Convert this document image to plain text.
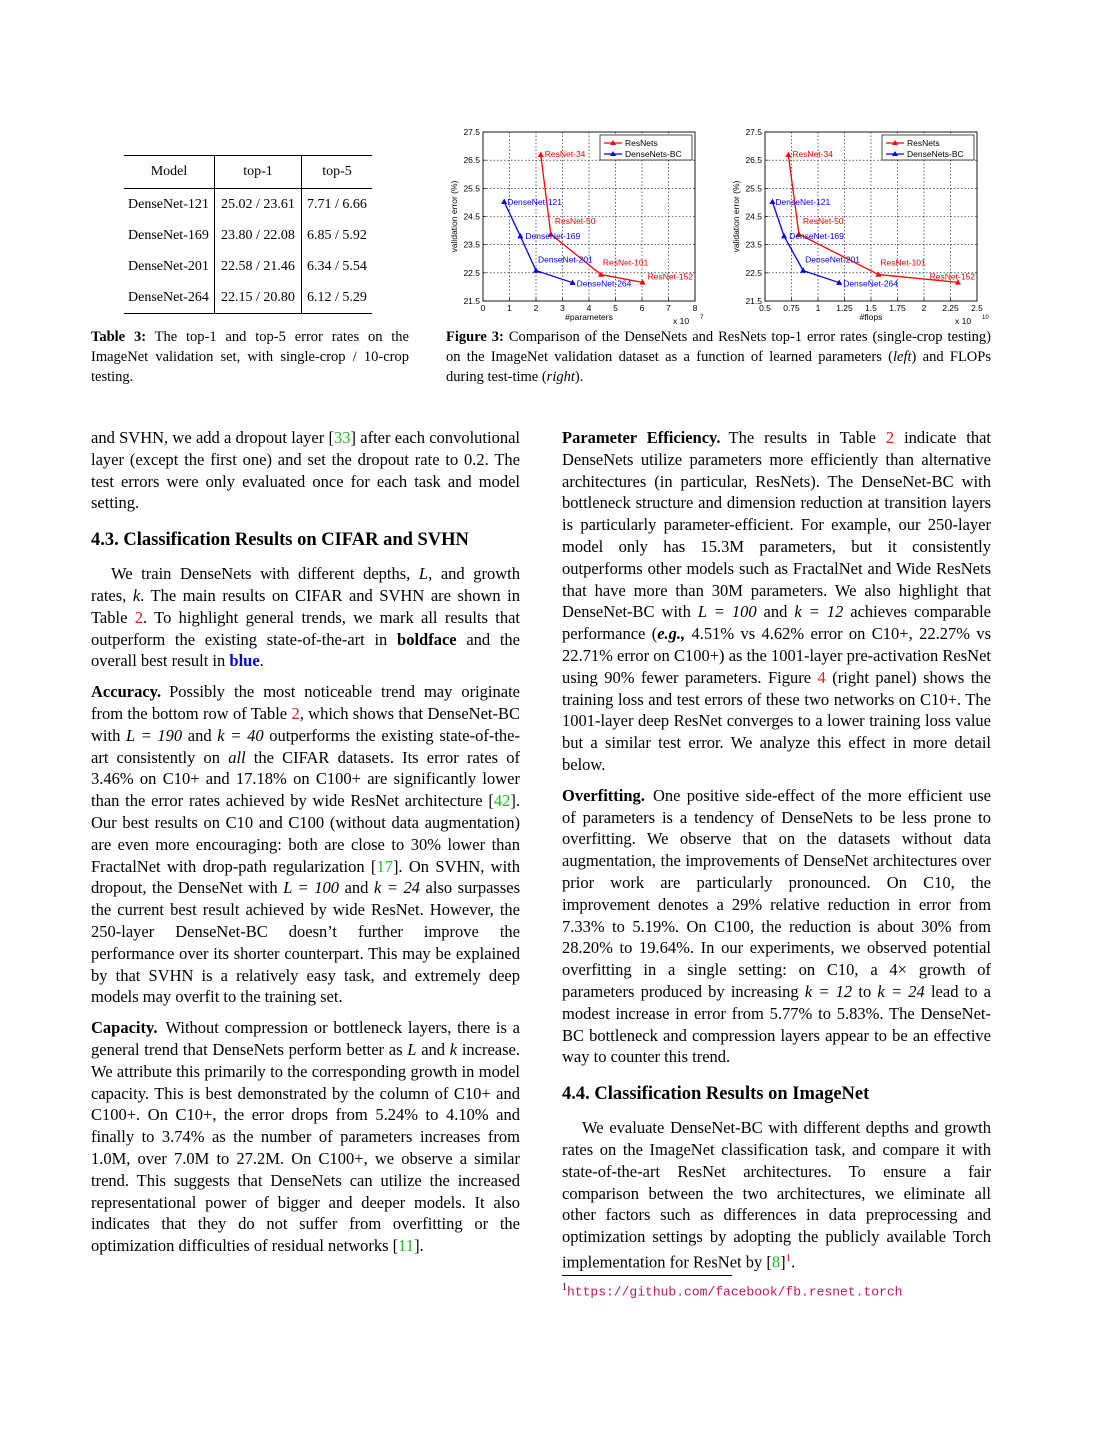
Model	top-1	top-5
DenseNet-121	25.02 / 23.61	7.71 / 6.66
DenseNet-169	23.80 / 22.08	6.85 / 5.92
DenseNet-201	22.58 / 21.46	6.34 / 5.54
DenseNet-264	22.15 / 20.80	6.12 / 5.29
Table 3: The top-1 and top-5 error rates on the ImageNet validation set, with single-crop / 10-crop testing.
0	1	2	3	4	5	6	7	8
21.5
22.5
23.5
24.5
25.5
26.5
27.5
#parameters
validation error (%)
x 10 7
ResNet-34
ResNet-50
ResNet-101
ResNet-152
DenseNet-121
DenseNet-169
DenseNet-201
DenseNet-264
ResNets
DenseNets-BC
0.5 0.75 1 1.25 1.5 1.75 2 2.25 2.5
21.5
22.5
23.5
24.5
25.5
26.5
27.5
#flops
validation error (%)
x 10 10
ResNet-34
ResNet-50
ResNet-101
ResNet-152
DenseNet-121
DenseNet-169
DenseNet-201
DenseNet-264
ResNets
DenseNets-BC
Figure 3: Comparison of the DenseNets and ResNets top-1 error rates (single-crop testing) on the ImageNet validation dataset as a function of learned parameters (left) and FLOPs during test-time (right).

and SVHN, we add a dropout layer [33] after each convolutional layer (except the first one) and set the dropout rate to 0.2. The test errors were only evaluated once for each task and model setting.

4.3. Classification Results on CIFAR and SVHN

We train DenseNets with different depths, L, and growth rates, k. The main results on CIFAR and SVHN are shown in Table 2. To highlight general trends, we mark all results that outperform the existing state-of-the-art in boldface and the overall best result in blue.

Accuracy. Possibly the most noticeable trend may originate from the bottom row of Table 2, which shows that DenseNet-BC with L = 190 and k = 40 outperforms the existing state-of-the-art consistently on all the CIFAR datasets. Its error rates of 3.46% on C10+ and 17.18% on C100+ are significantly lower than the error rates achieved by wide ResNet architecture [42]. Our best results on C10 and C100 (without data augmentation) are even more encouraging: both are close to 30% lower than FractalNet with drop-path regularization [17]. On SVHN, with dropout, the DenseNet with L = 100 and k = 24 also surpasses the current best result achieved by wide ResNet. However, the 250-layer DenseNet-BC doesn’t further improve the performance over its shorter counterpart. This may be explained by that SVHN is a relatively easy task, and extremely deep models may overfit to the training set.

Capacity. Without compression or bottleneck layers, there is a general trend that DenseNets perform better as L and k increase. We attribute this primarily to the corresponding growth in model capacity. This is best demonstrated by the column of C10+ and C100+. On C10+, the error drops from 5.24% to 4.10% and finally to 3.74% as the number of parameters increases from 1.0M, over 7.0M to 27.2M. On C100+, we observe a similar trend. This suggests that DenseNets can utilize the increased representational power of bigger and deeper models. It also indicates that they do not suffer from overfitting or the optimization difficulties of residual networks [11].

Parameter Efficiency. The results in Table 2 indicate that DenseNets utilize parameters more efficiently than alternative architectures (in particular, ResNets). The DenseNet-BC with bottleneck structure and dimension reduction at transition layers is particularly parameter-efficient. For example, our 250-layer model only has 15.3M parameters, but it consistently outperforms other models such as FractalNet and Wide ResNets that have more than 30M parameters. We also highlight that DenseNet-BC with L = 100 and k = 12 achieves comparable performance (e.g., 4.51% vs 4.62% error on C10+, 22.27% vs 22.71% error on C100+) as the 1001-layer pre-activation ResNet using 90% fewer parameters. Figure 4 (right panel) shows the training loss and test errors of these two networks on C10+. The 1001-layer deep ResNet converges to a lower training loss value but a similar test error. We analyze this effect in more detail below.

Overfitting. One positive side-effect of the more efficient use of parameters is a tendency of DenseNets to be less prone to overfitting. We observe that on the datasets without data augmentation, the improvements of DenseNet architectures over prior work are particularly pronounced. On C10, the improvement denotes a 29% relative reduction in error from 7.33% to 5.19%. On C100, the reduction is about 30% from 28.20% to 19.64%. In our experiments, we observed potential overfitting in a single setting: on C10, a 4× growth of parameters produced by increasing k = 12 to k = 24 lead to a modest increase in error from 5.77% to 5.83%. The DenseNet-BC bottleneck and compression layers appear to be an effective way to counter this trend.

4.4. Classification Results on ImageNet

We evaluate DenseNet-BC with different depths and growth rates on the ImageNet classification task, and compare it with state-of-the-art ResNet architectures. To ensure a fair comparison between the two architectures, we eliminate all other factors such as differences in data preprocessing and optimization settings by adopting the publicly available Torch implementation for ResNet by [8]$^1$.

$^1$https://github.com/facebook/fb.resnet.torch
